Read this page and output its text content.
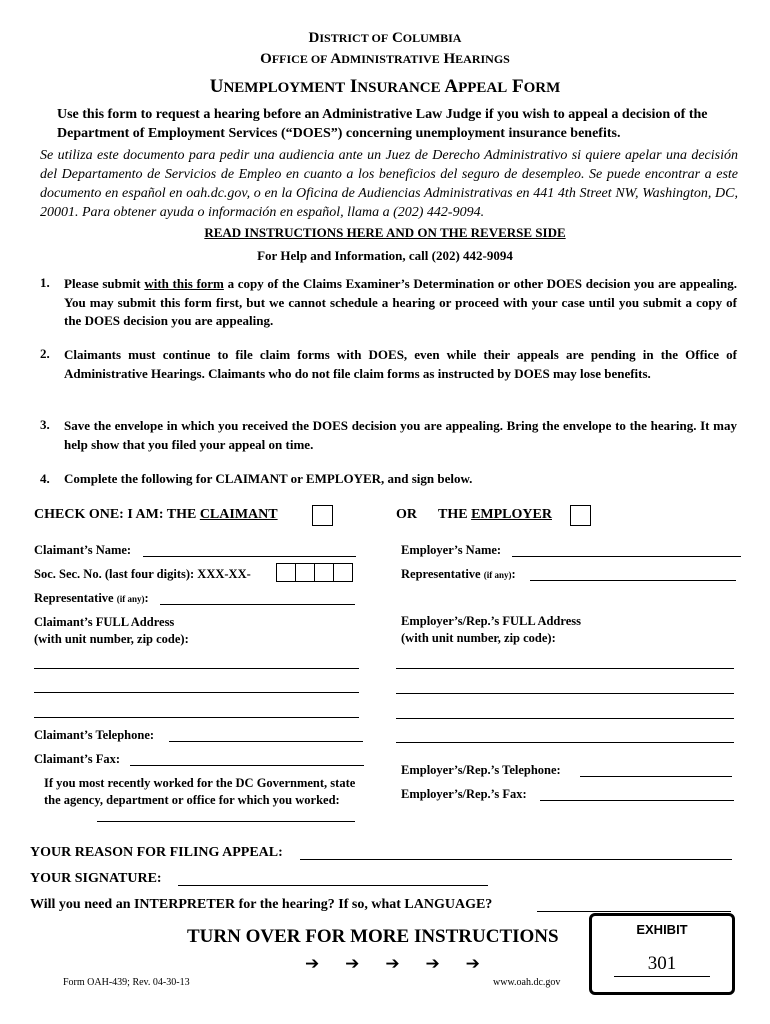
DISTRICT OF COLUMBIA
OFFICE OF ADMINISTRATIVE HEARINGS
UNEMPLOYMENT INSURANCE APPEAL FORM
Use this form to request a hearing before an Administrative Law Judge if you wish to appeal a decision of the Department of Employment Services (“DOES”) concerning unemployment insurance benefits.
Se utiliza este documento para pedir una audiencia ante un Juez de Derecho Administrativo si quiere apelar una decisión del Departamento de Servicios de Empleo en cuanto a los beneficios del seguro de desempleo. Se puede encontrar a este documento en español en oah.dc.gov, o en la Oficina de Audiencias Administrativas en 441 4th Street NW, Washington, DC, 20001. Para obtener ayuda o información en español, llama a (202) 442-9094.
READ INSTRUCTIONS HERE AND ON THE REVERSE SIDE
For Help and Information, call (202) 442-9094
1. Please submit with this form a copy of the Claims Examiner’s Determination or other DOES decision you are appealing. You may submit this form first, but we cannot schedule a hearing or proceed with your case until you submit a copy of the DOES decision you are appealing.
2. Claimants must continue to file claim forms with DOES, even while their appeals are pending in the Office of Administrative Hearings. Claimants who do not file claim forms as instructed by DOES may lose benefits.
3. Save the envelope in which you received the DOES decision you are appealing. Bring the envelope to the hearing. It may help show that you filed your appeal on time.
4. Complete the following for CLAIMANT or EMPLOYER, and sign below.
CHECK ONE: I AM: THE CLAIMANT	OR THE EMPLOYER
Claimant’s Name:
Soc. Sec. No. (last four digits): XXX-XX-
Representative (if any):
Claimant’s FULL Address
(with unit number, zip code):
Claimant’s Telephone:
Claimant’s Fax:
If you most recently worked for the DC Government, state the agency, department or office for which you worked:
Employer’s Name:
Representative (if any):
Employer’s/Rep.’s FULL Address
(with unit number, zip code):
Employer’s/Rep.’s Telephone:
Employer’s/Rep.’s Fax:
YOUR REASON FOR FILING APPEAL:
YOUR SIGNATURE:
Will you need an INTERPRETER for the hearing? If so, what LANGUAGE?
TURN OVER FOR MORE INSTRUCTIONS
➔ ➔ ➔ ➔ ➔
Form OAH-439; Rev. 04-30-13	www.oah.dc.gov
EXHIBIT
301
